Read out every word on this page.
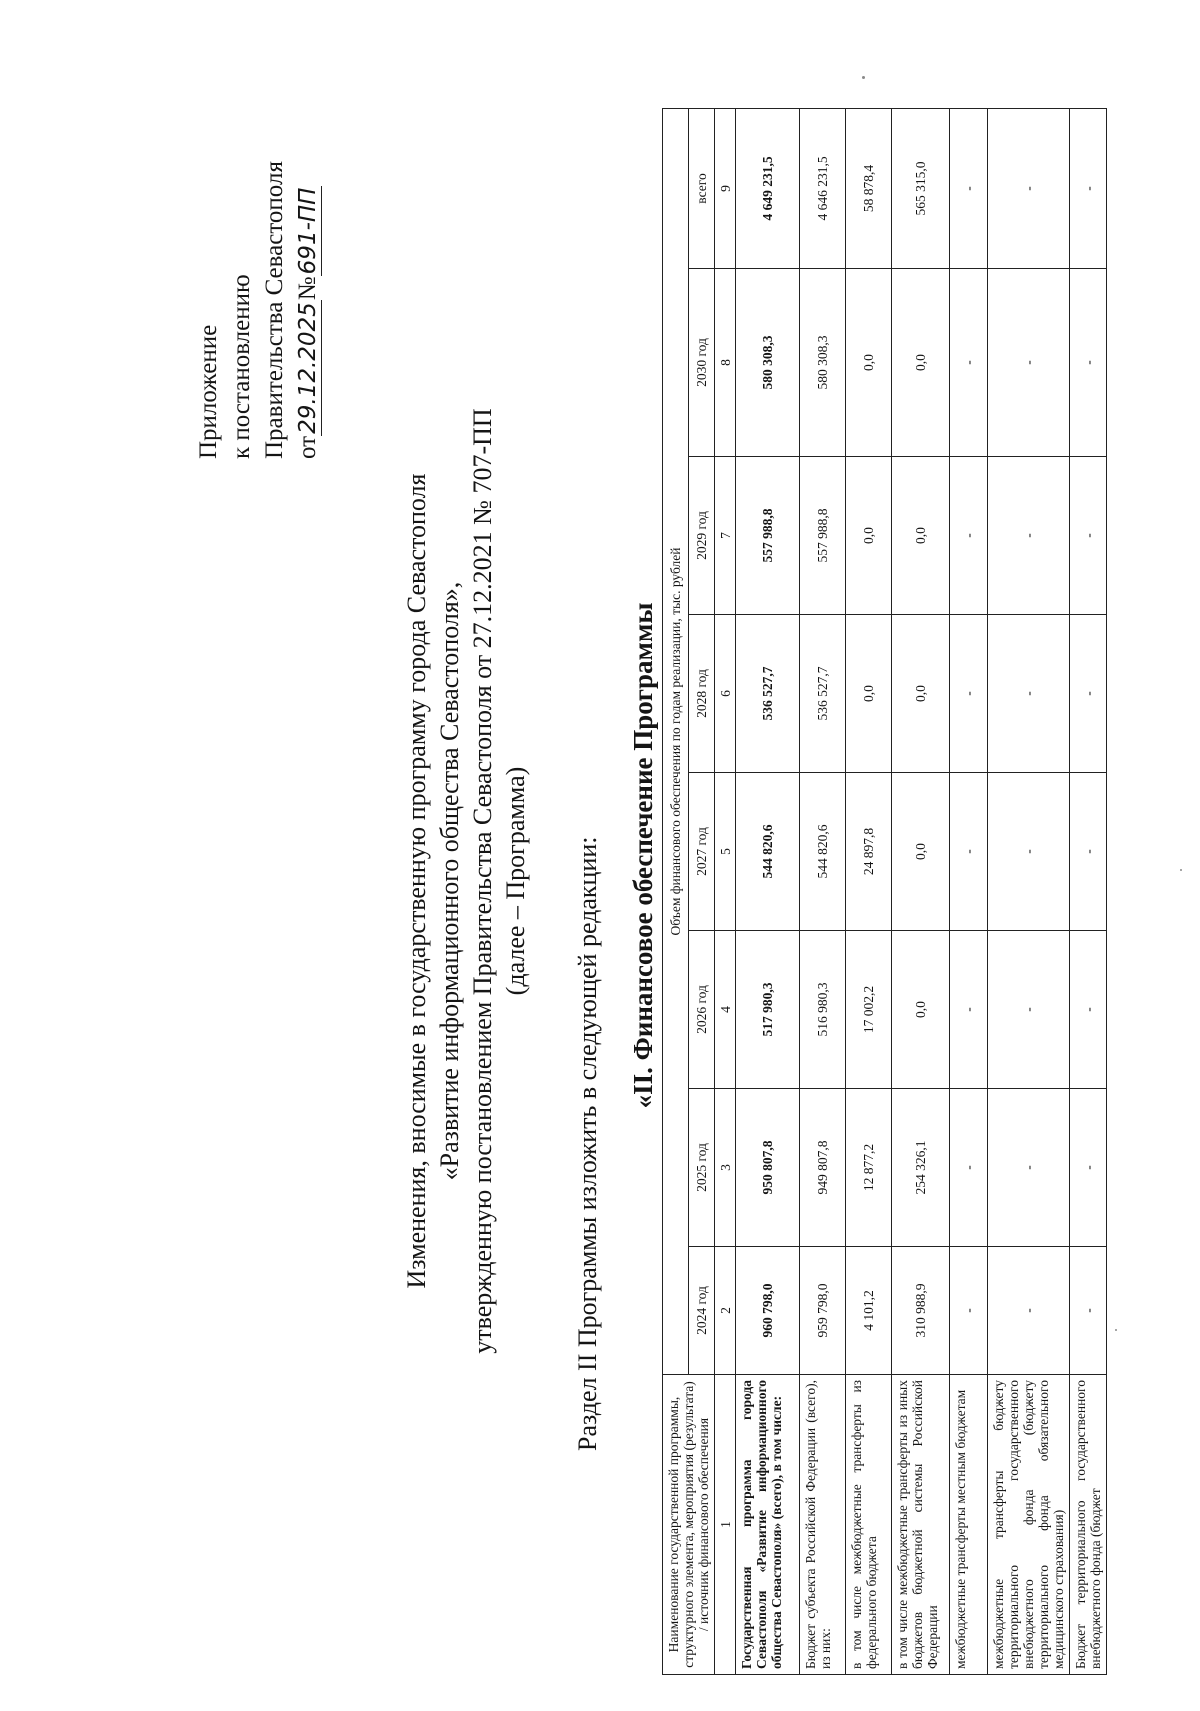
Приложение к постановлению Правительства Севастополя от29.12.2025№691-ПП
Изменения, вносимые в государственную программу города Севастополя «Развитие информационного общества Севастополя», утвержденную постановлением Правительства Севастополя от 27.12.2021 № 707-ПП (далее – Программа) Раздел II Программы изложить в следующей редакции: «II. Финансовое обеспечение Программы
Наименование государственной программы, структурного элемента, мероприятия (результата) / источник финансового обеспечения	Объем финансового обеспечения по годам реализации, тыс. рублей							
	2024 год	2025 год	2026 год	2027 год	2028 год	2029 год	2030 год	всего
1	2	3	4	5	6	7	8	9
Государственная программа города Севастополя «Развитие информационного общества Севастополя» (всего), в том числе:	960 798,0	950 807,8	517 980,3	544 820,6	536 527,7	557 988,8	580 308,3	4 649 231,5
Бюджет субъекта Российской Федерации (всего), из них:	959 798,0	949 807,8	516 980,3	544 820,6	536 527,7	557 988,8	580 308,3	4 646 231,5
в том числе межбюджетные трансферты из федерального бюджета	4 101,2	12 877,2	17 002,2	24 897,8	0,0	0,0	0,0	58 878,4
в том числе межбюджетные трансферты из иных бюджетов бюджетной системы Российской Федерации	310 988,9	254 326,1	0,0	0,0	0,0	0,0	0,0	565 315,0
межбюджетные трансферты местным бюджетам	-	-	-	-	-	-	-	-
межбюджетные трансферты бюджету территориального государственного внебюджетного фонда (бюджету территориального фонда обязательного медицинского страхования)	-	-	-	-	-	-	-	-
Бюджет территориального государственного внебюджетного фонда (бюджет	-	-	-	-	-	-	-	-
